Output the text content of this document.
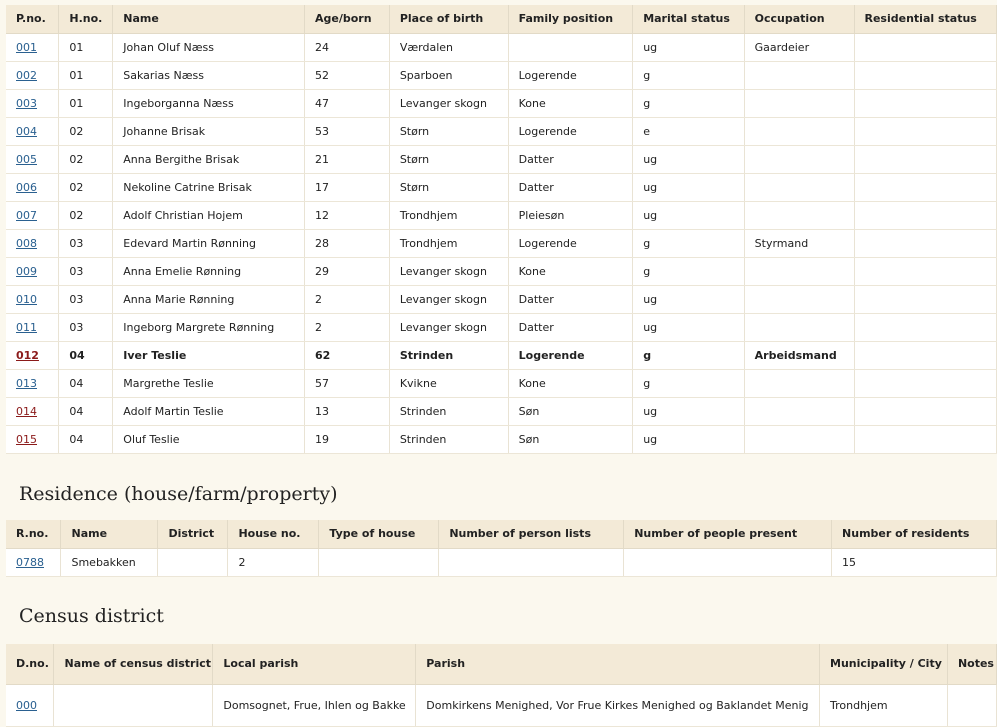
P.no.	H.no.	Name	Age/born	Place of birth	Family position	Marital status	Occupation	Residential status
001	01	Johan Oluf Næss	24	Værdalen		ug	Gaardeier	
002	01	Sakarias Næss	52	Sparboen	Logerende	g		
003	01	Ingeborganna Næss	47	Levanger skogn	Kone	g		
004	02	Johanne Brisak	53	Størn	Logerende	e		
005	02	Anna Bergithe Brisak	21	Størn	Datter	ug		
006	02	Nekoline Catrine Brisak	17	Størn	Datter	ug		
007	02	Adolf Christian Hojem	12	Trondhjem	Pleiesøn	ug		
008	03	Edevard Martin Rønning	28	Trondhjem	Logerende	g	Styrmand	
009	03	Anna Emelie Rønning	29	Levanger skogn	Kone	g		
010	03	Anna Marie Rønning	2	Levanger skogn	Datter	ug		
011	03	Ingeborg Margrete Rønning	2	Levanger skogn	Datter	ug		
012	04	Iver Teslie	62	Strinden	Logerende	g	Arbeidsmand	
013	04	Margrethe Teslie	57	Kvikne	Kone	g		
014	04	Adolf Martin Teslie	13	Strinden	Søn	ug		
015	04	Oluf Teslie	19	Strinden	Søn	ug		
Residence (house/farm/property)
R.no.	Name	District	House no.	Type of house	Number of person lists	Number of people present	Number of residents
0788	Smebakken		2				15
Census district
D.no.	Name of census district	Local parish	Parish	Municipality / City	Notes
000		Domsognet, Frue, Ihlen og Bakke	Domkirkens Menighed, Vor Frue Kirkes Menighed og Baklandet Menig	Trondhjem	
